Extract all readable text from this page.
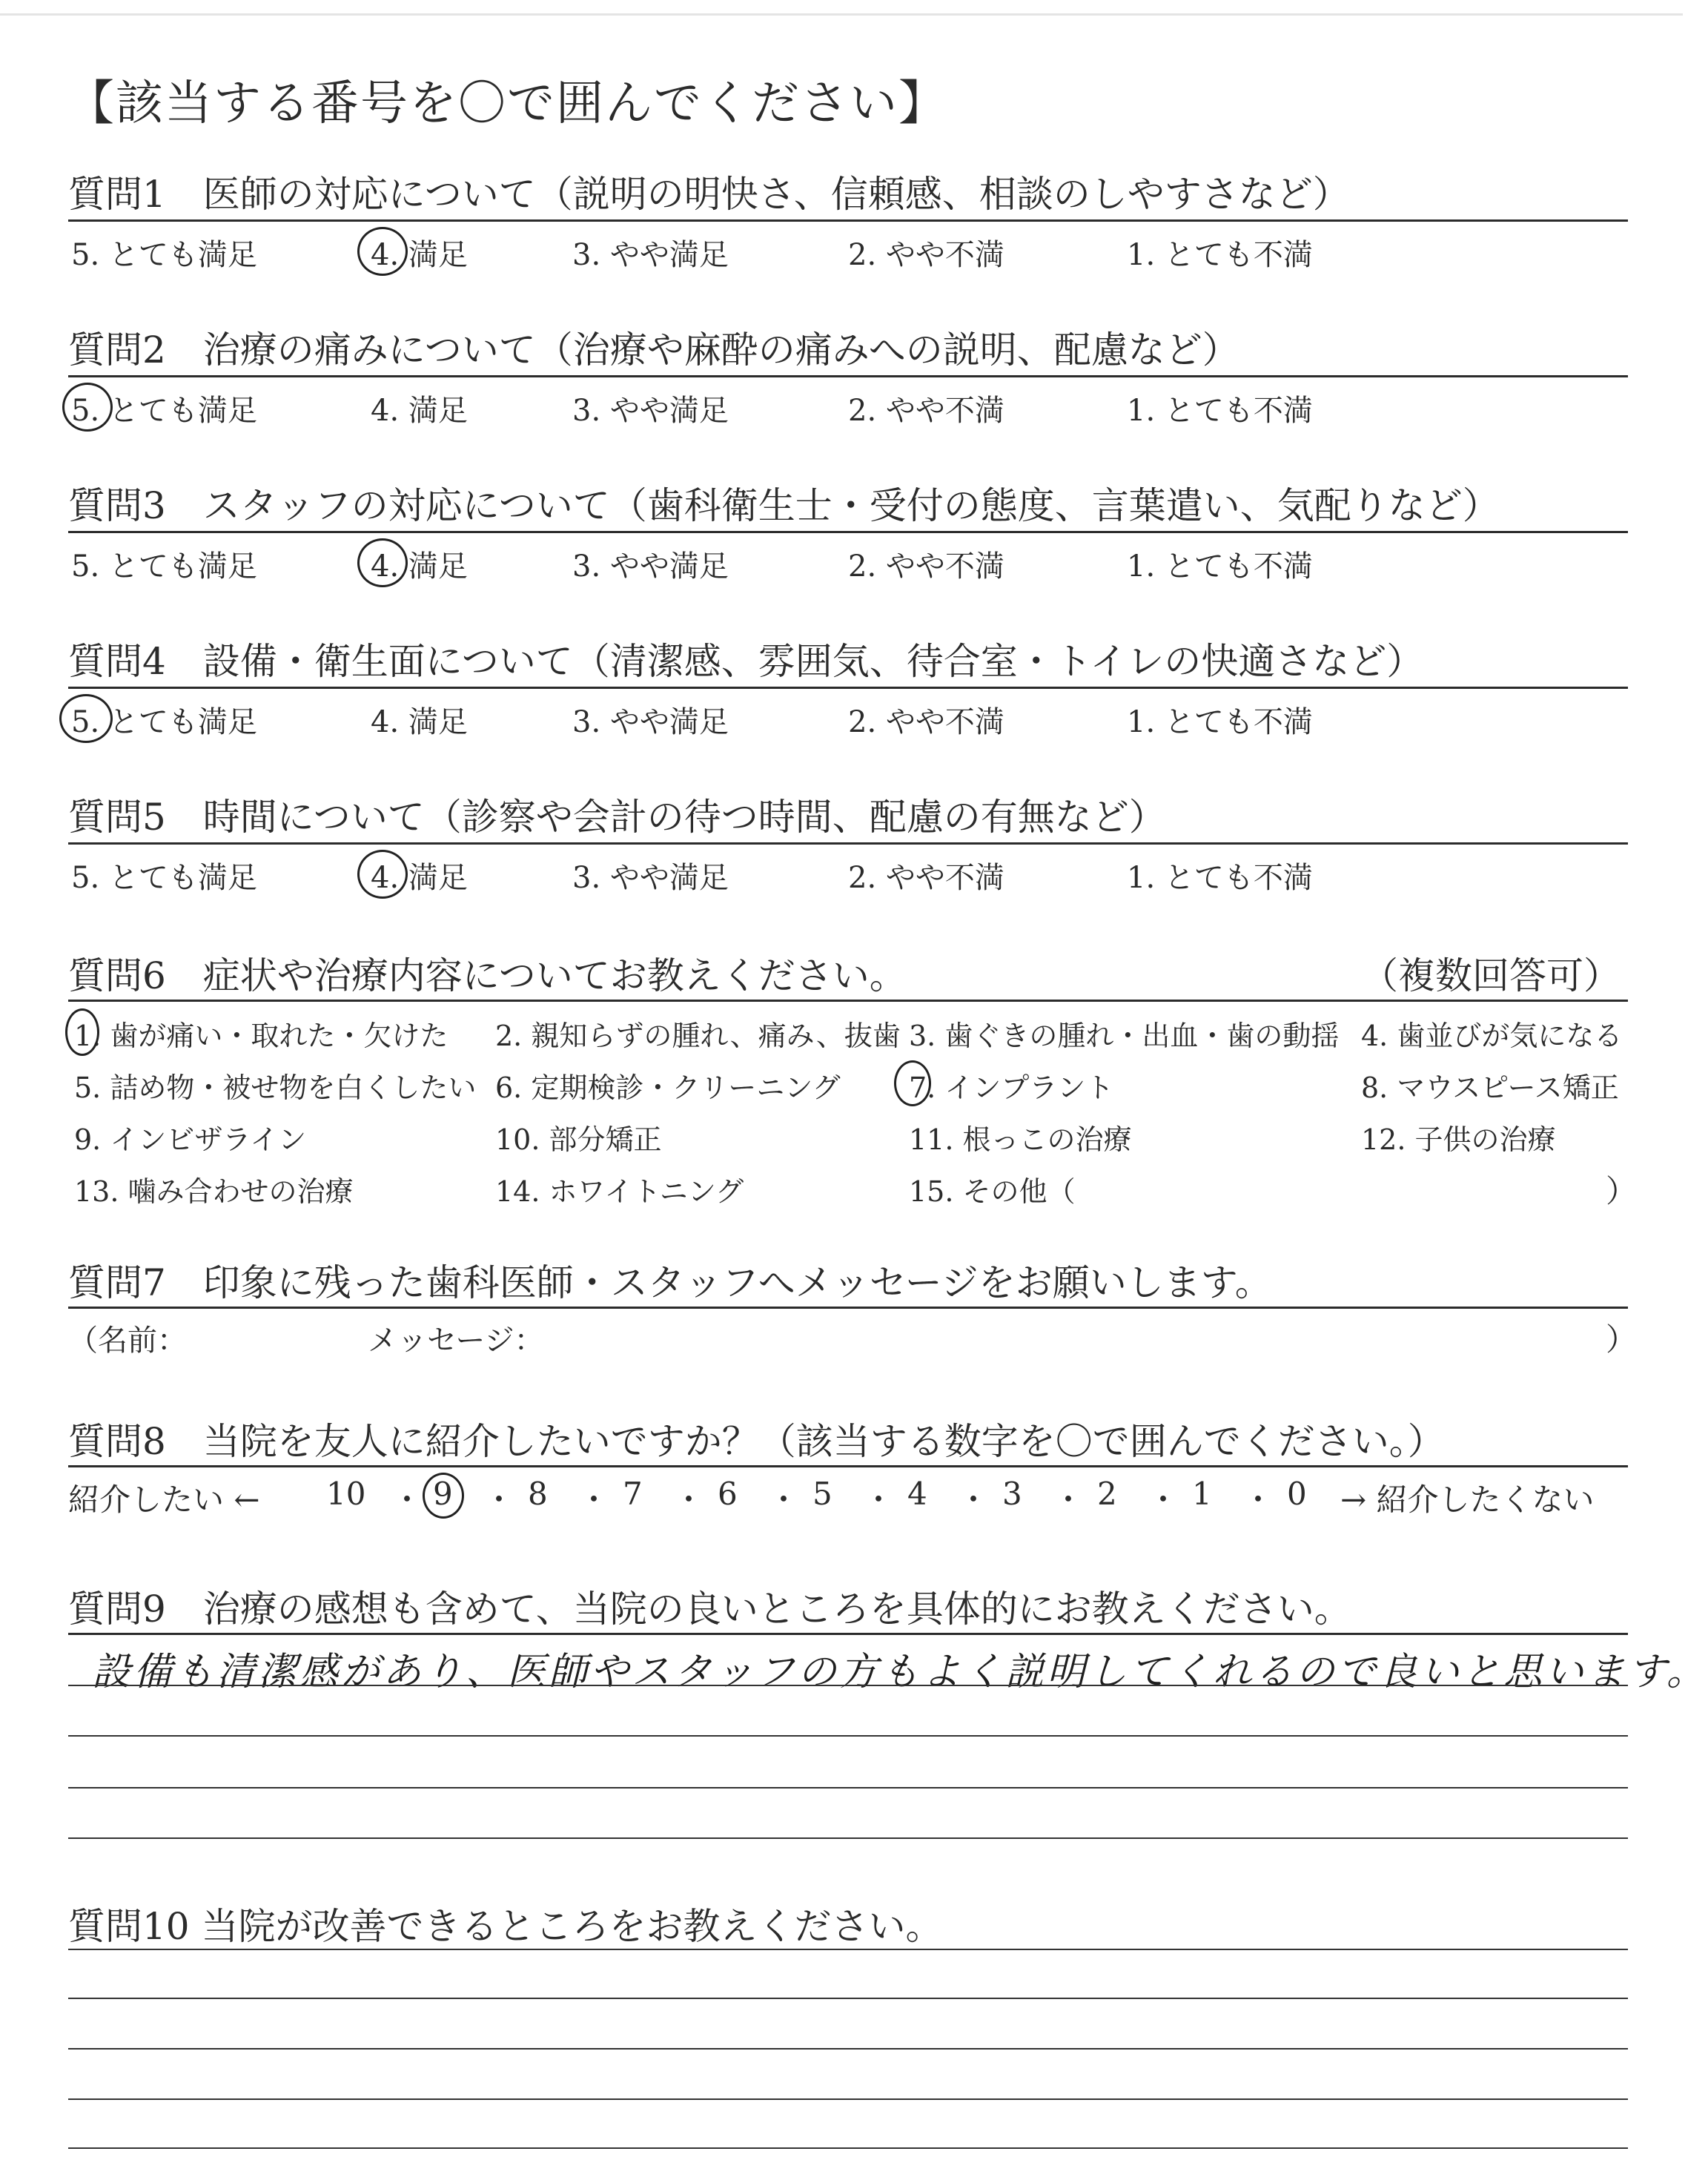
【該当する番号を〇で囲んでください】
質問1　医師の対応について（説明の明快さ、信頼感、相談のしやすさなど）
5. とても満足	4. 満足	3. やや満足	2. やや不満	1. とても不満
質問2　治療の痛みについて（治療や麻酔の痛みへの説明、配慮など）
5. とても満足	4. 満足	3. やや満足	2. やや不満	1. とても不満
質問3　スタッフの対応について（歯科衛生士・受付の態度、言葉遣い、気配りなど）
5. とても満足	4. 満足	3. やや満足	2. やや不満	1. とても不満
質問4　設備・衛生面について（清潔感、雰囲気、待合室・トイレの快適さなど）
5. とても満足	4. 満足	3. やや満足	2. やや不満	1. とても不満
質問5　時間について（診察や会計の待つ時間、配慮の有無など）
5. とても満足	4. 満足	3. やや満足	2. やや不満	1. とても不満
質問6　症状や治療内容についてお教えください。	（複数回答可）
1. 歯が痛い・取れた・欠けた 2. 親知らずの腫れ、痛み、抜歯 3. 歯ぐきの腫れ・出血・歯の動揺 4. 歯並びが気になる
5. 詰め物・被せ物を白くしたい 6. 定期検診・クリーニング 7. インプラント	8. マウスピース矯正
9. インビザライン	10. 部分矯正	11. 根っこの治療	12. 子供の治療
13. 噛み合わせの治療	14. ホワイトニング	15. その他（	）
質問7　印象に残った歯科医師・スタッフへメッセージをお願いします。
（名前：	メッセージ：	）
質問8　当院を友人に紹介したいですか？（該当する数字を〇で囲んでください。）
紹介したい ← 10 ・ 9 ・ 8 ・ 7 ・ 6 ・ 5 ・ 4 ・ 3 ・ 2 ・ 1 ・ 0 → 紹介したくない
質問9　治療の感想も含めて、当院の良いところを具体的にお教えください。
設備も清潔感があり、医師やスタッフの方もよく説明してくれるので良いと思います。
質問10 当院が改善できるところをお教えください。
